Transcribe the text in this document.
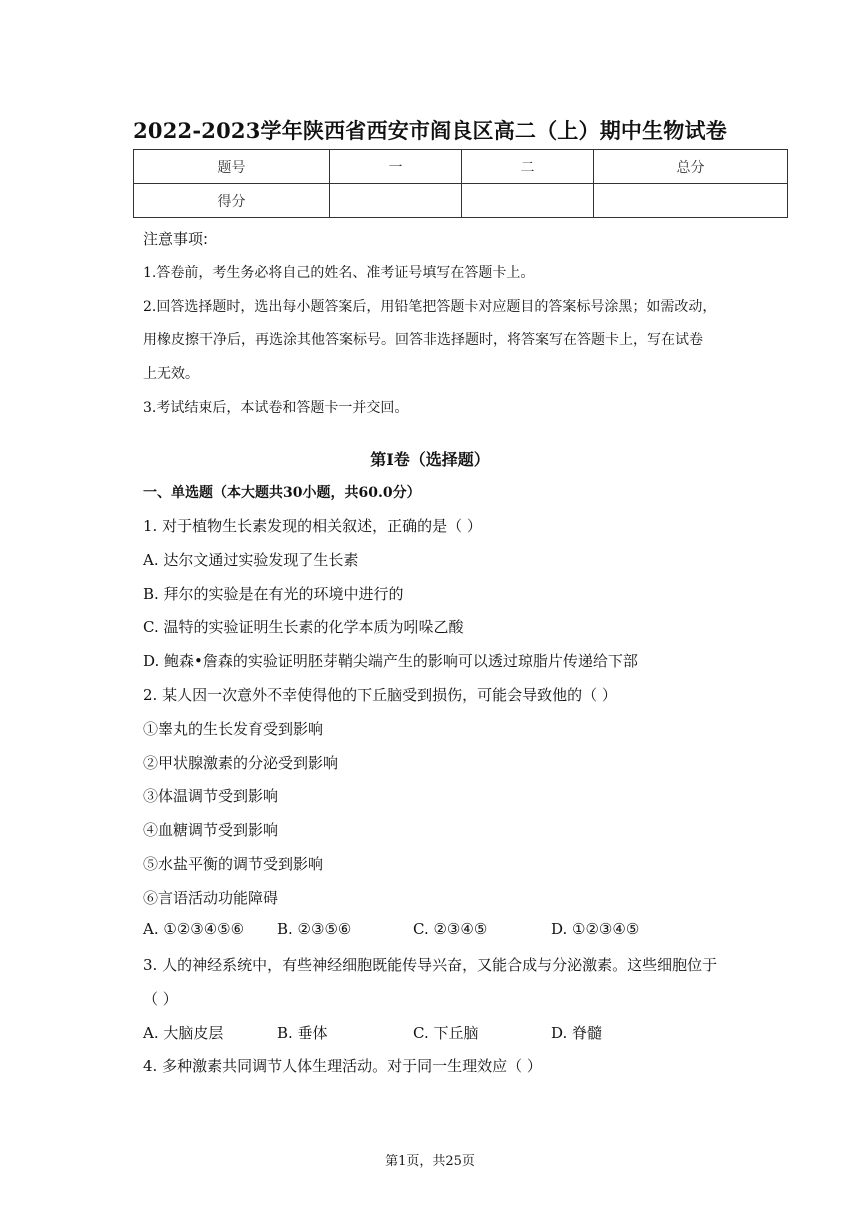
2022-2023学年陕西省西安市阎良区高二（上）期中生物试卷
题号	一	二	总分
得分			
注意事项:
1.答卷前，考生务必将自己的姓名、准考证号填写在答题卡上。
2.回答选择题时，选出每小题答案后，用铅笔把答题卡对应题目的答案标号涂黑；如需改动，
用橡皮擦干净后，再选涂其他答案标号。回答非选择题时，将答案写在答题卡上，写在试卷
上无效。
3.考试结束后，本试卷和答题卡一并交回。
第I卷（选择题）
一、单选题（本大题共30小题，共60.0分）
1. 对于植物生长素发现的相关叙述，正确的是（ ）
A. 达尔文通过实验发现了生长素
B. 拜尔的实验是在有光的环境中进行的
C. 温特的实验证明生长素的化学本质为吲哚乙酸
D. 鲍森•詹森的实验证明胚芽鞘尖端产生的影响可以透过琼脂片传递给下部
2. 某人因一次意外不幸使得他的下丘脑受到损伤，可能会导致他的（ ）
①睾丸的生长发育受到影响
②甲状腺激素的分泌受到影响
③体温调节受到影响
④血糖调节受到影响
⑤水盐平衡的调节受到影响
⑥言语活动功能障碍
A. ①②③④⑤⑥ B. ②③⑤⑥	C. ②③④⑤	D. ①②③④⑤
3. 人的神经系统中，有些神经细胞既能传导兴奋，又能合成与分泌激素。这些细胞位于
（ ）
A. 大脑皮层	B. 垂体	C. 下丘脑	D. 脊髓
4. 多种激素共同调节人体生理活动。对于同一生理效应（ ）
第1页，共25页
